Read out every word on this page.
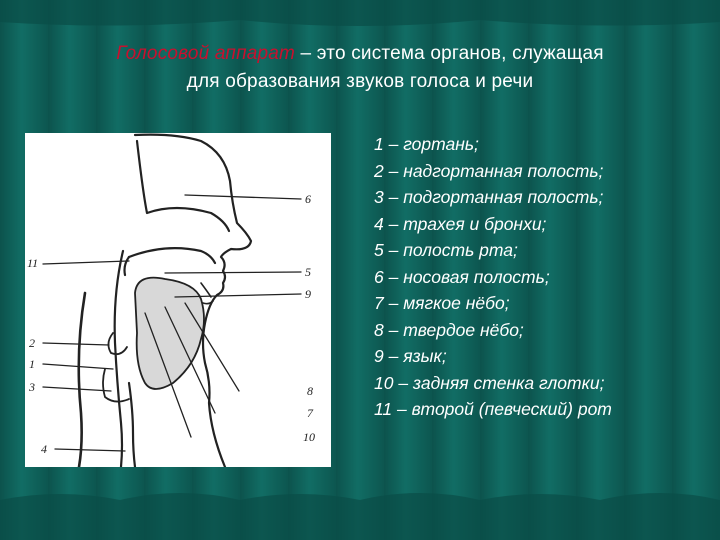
Голосовой аппарат – это система органов, служащая
для образования звуков голоса и речи
6
11
5
9
2
1
3
4
8
7
10
1 – гортань;
2 – надгортанная полость;
3 – подгортанная полость;
4 – трахея и бронхи;
5 – полость рта;
6 – носовая полость;
7 – мягкое нёбо;
8 – твердое нёбо;
9 – язык;
10 – задняя стенка глотки;
11 – второй (певческий) рот
